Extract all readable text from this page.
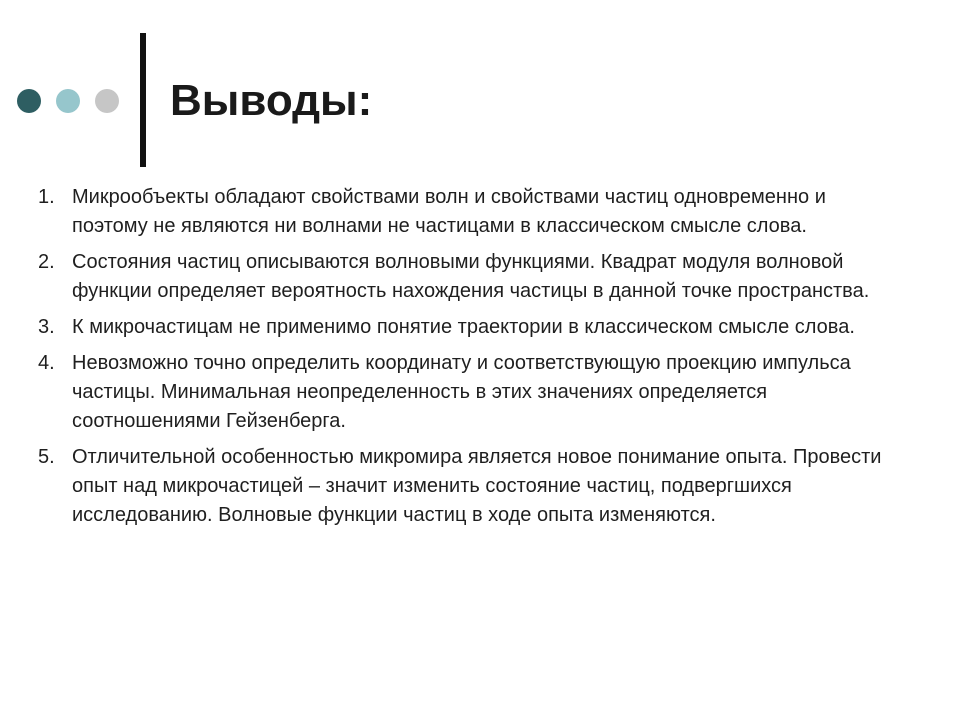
Выводы:
1. Микрообъекты обладают свойствами волн и свойствами частиц одновременно и поэтому не являются ни волнами не частицами в классическом смысле слова.
2. Состояния частиц описываются волновыми функциями. Квадрат модуля волновой функции определяет вероятность нахождения частицы в данной точке пространства.
3. К микрочастицам не применимо понятие траектории в классическом смысле слова.
4. Невозможно точно определить координату и соответствующую проекцию импульса частицы. Минимальная неопределенность в этих значениях определяется соотношениями Гейзенберга.
5. Отличительной особенностью микромира является новое понимание опыта. Провести опыт над микрочастицей – значит изменить состояние частиц, подвергшихся исследованию. Волновые функции частиц в ходе опыта изменяются.
